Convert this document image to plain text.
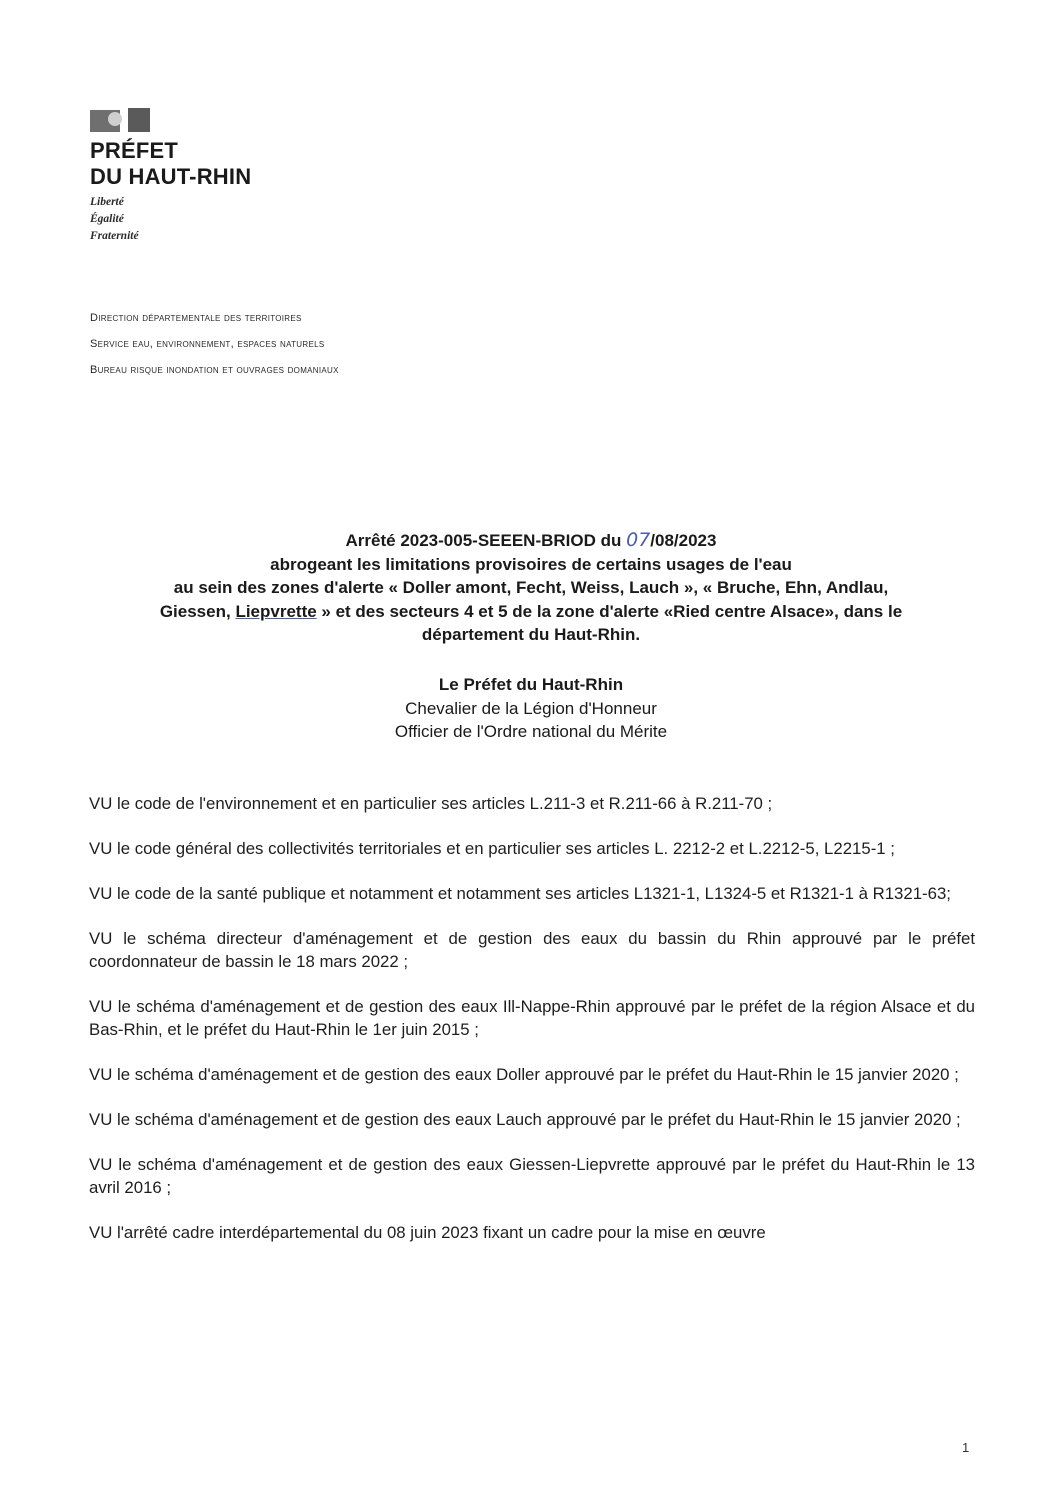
PRÉFET
DU HAUT-RHIN
Liberté
Égalité
Fraternité
Direction départementale des territoires
Service eau, environnement, espaces naturels
Bureau risque inondation et ouvrages domaniaux
Arrêté 2023-005-SEEEN-BRIOD du 07/08/2023
abrogeant les limitations provisoires de certains usages de l'eau
au sein des zones d'alerte « Doller amont, Fecht, Weiss, Lauch », « Bruche, Ehn, Andlau,
Giessen, Liepvrette » et des secteurs 4 et 5 de la zone d'alerte «Ried centre Alsace», dans le
département du Haut-Rhin.
Le Préfet du Haut-Rhin
Chevalier de la Légion d'Honneur
Officier de l'Ordre national du Mérite

VU le code de l'environnement et en particulier ses articles L.211-3 et R.211-66 à R.211-70 ;

VU le code général des collectivités territoriales et en particulier ses articles L. 2212-2 et L.2212-5, L2215-1 ;

VU le code de la santé publique et notamment et notamment ses articles L1321-1, L1324-5 et R1321-1 à R1321-63;

VU le schéma directeur d'aménagement et de gestion des eaux du bassin du Rhin approuvé par le préfet coordonnateur de bassin le 18 mars 2022 ;

VU le schéma d'aménagement et de gestion des eaux Ill-Nappe-Rhin approuvé par le préfet de la région Alsace et du Bas-Rhin, et le préfet du Haut-Rhin le 1er juin 2015 ;

VU le schéma d'aménagement et de gestion des eaux Doller approuvé par le préfet du Haut-Rhin le 15 janvier 2020 ;

VU le schéma d'aménagement et de gestion des eaux Lauch approuvé par le préfet du Haut-Rhin le 15 janvier 2020 ;

VU le schéma d'aménagement et de gestion des eaux Giessen-Liepvrette approuvé par le préfet du Haut-Rhin le 13 avril 2016 ;

VU l'arrêté cadre interdépartemental du 08 juin 2023 fixant un cadre pour la mise en œuvre

1
